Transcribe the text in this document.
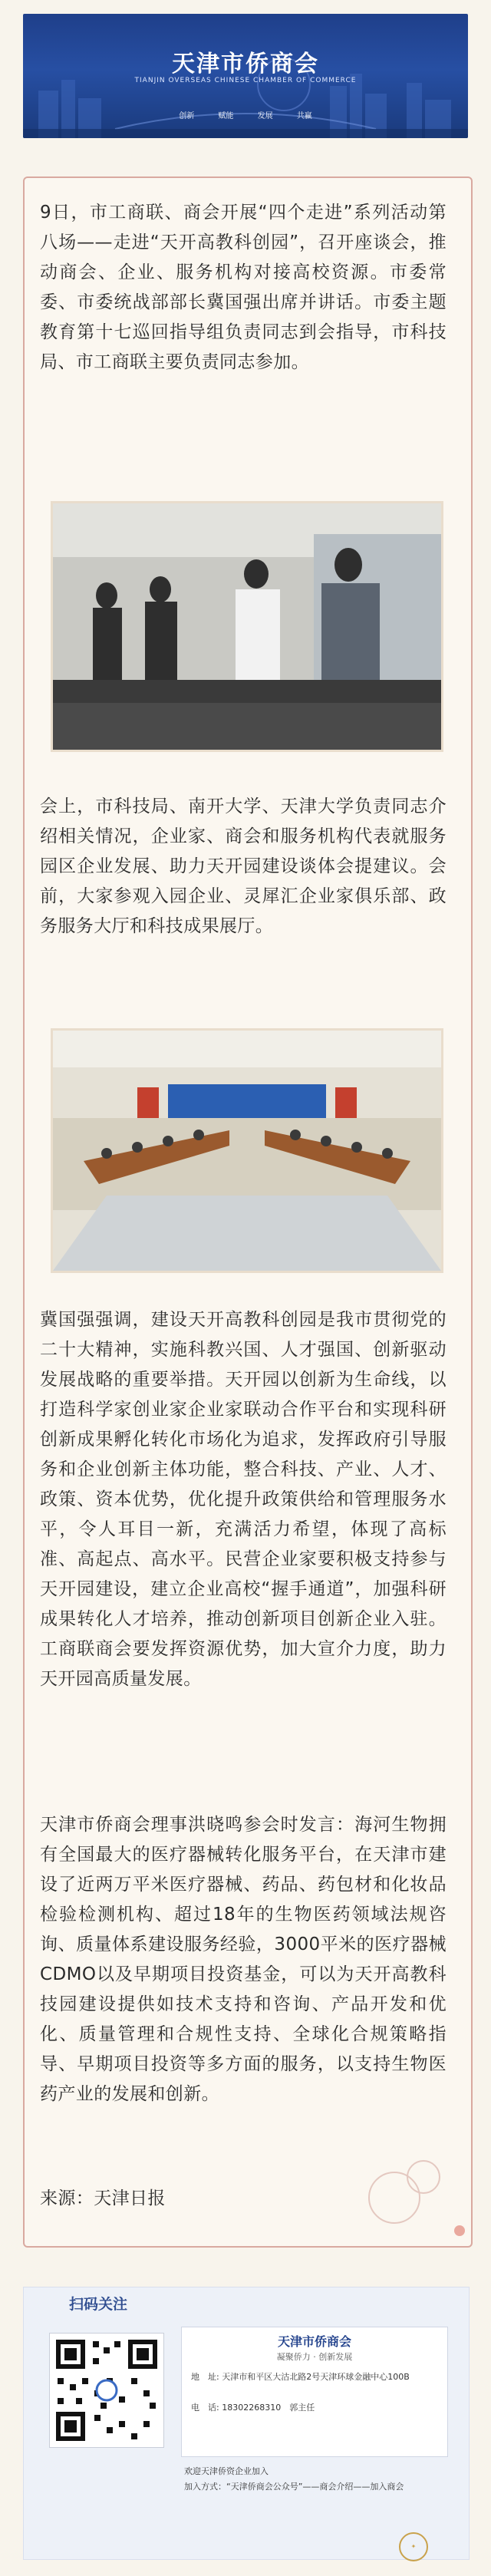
天津市侨商会
TIANJIN OVERSEAS CHINESE CHAMBER OF COMMERCE
创新	赋能	发展	共赢
9日，市工商联、商会开展“四个走进”系列活动第八场——走进“天开高教科创园”，召开座谈会，推动商会、企业、服务机构对接高校资源。市委常委、市委统战部部长冀国强出席并讲话。市委主题教育第十七巡回指导组负责同志到会指导，市科技局、市工商联主要负责同志参加。
会上，市科技局、南开大学、天津大学负责同志介绍相关情况，企业家、商会和服务机构代表就服务园区企业发展、助力天开园建设谈体会提建议。会前，大家参观入园企业、灵犀汇企业家俱乐部、政务服务大厅和科技成果展厅。
冀国强强调，建设天开高教科创园是我市贯彻党的二十大精神，实施科教兴国、人才强国、创新驱动发展战略的重要举措。天开园以创新为生命线，以打造科学家创业家企业家联动合作平台和实现科研创新成果孵化转化市场化为追求，发挥政府引导服务和企业创新主体功能，整合科技、产业、人才、政策、资本优势，优化提升政策供给和管理服务水平，令人耳目一新，充满活力希望，体现了高标准、高起点、高水平。民营企业家要积极支持参与天开园建设，建立企业高校“握手通道”，加强科研成果转化人才培养，推动创新项目创新企业入驻。工商联商会要发挥资源优势，加大宣介力度，助力天开园高质量发展。
天津市侨商会理事洪晓鸣参会时发言：海河生物拥有全国最大的医疗器械转化服务平台，在天津市建设了近两万平米医疗器械、药品、药包材和化妆品检验检测机构、超过18年的生物医药领域法规咨询、质量体系建设服务经验，3000平米的医疗器械CDMO以及早期项目投资基金，可以为天开高教科技园建设提供如技术支持和咨询、产品开发和优化、质量管理和合规性支持、全球化合规策略指导、早期项目投资等多方面的服务，以支持生物医药产业的发展和创新。
来源：天津日报
扫码关注
天津市侨商会
凝聚侨力 · 创新发展
地　址: 天津市和平区大沽北路2号天津环球金融中心100B
电　话: 18302268310　郭主任
欢迎天津侨资企业加入
加入方式：“天津侨商会公众号”——商会介绍——加入商会
✦
